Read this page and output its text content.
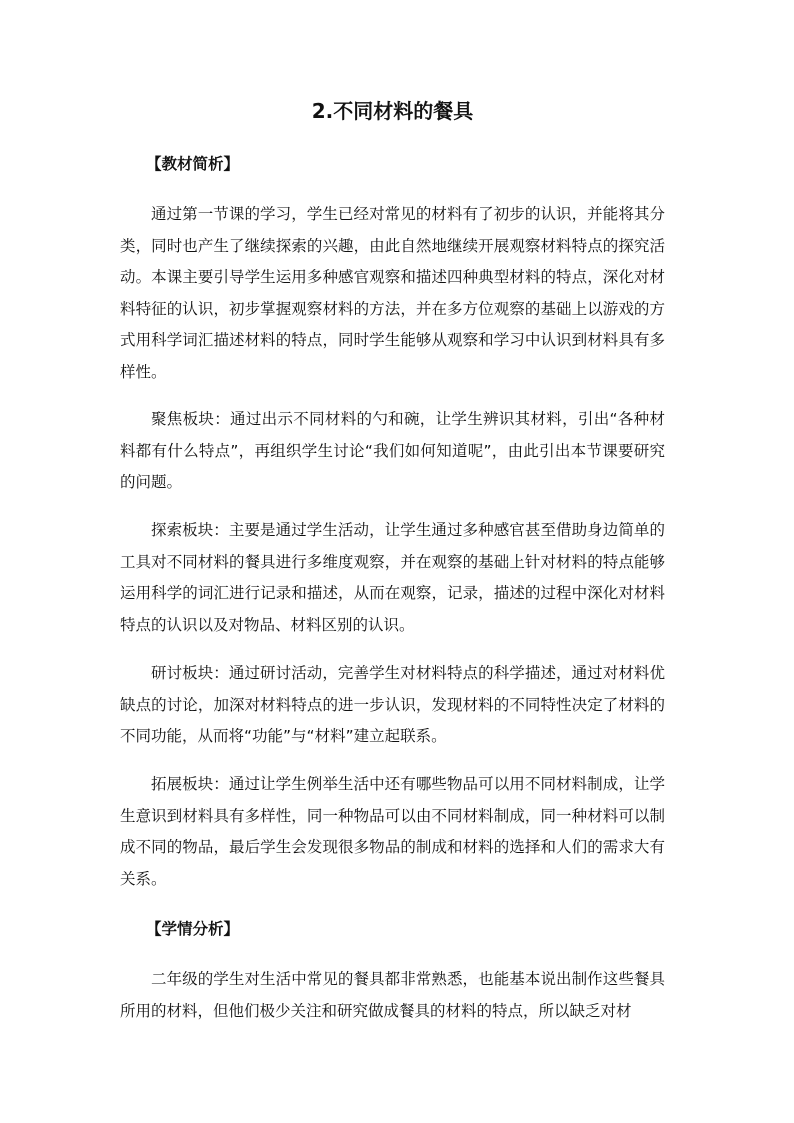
2.不同材料的餐具
【教材简析】

通过第一节课的学习，学生已经对常见的材料有了初步的认识，并能将其分类，同时也产生了继续探索的兴趣，由此自然地继续开展观察材料特点的探究活动。本课主要引导学生运用多种感官观察和描述四种典型材料的特点，深化对材料特征的认识，初步掌握观察材料的方法，并在多方位观察的基础上以游戏的方式用科学词汇描述材料的特点，同时学生能够从观察和学习中认识到材料具有多样性。

聚焦板块：通过出示不同材料的勺和碗，让学生辨识其材料，引出“各种材料都有什么特点”，再组织学生讨论“我们如何知道呢”，由此引出本节课要研究的问题。

探索板块：主要是通过学生活动，让学生通过多种感官甚至借助身边简单的工具对不同材料的餐具进行多维度观察，并在观察的基础上针对材料的特点能够运用科学的词汇进行记录和描述，从而在观察，记录，描述的过程中深化对材料特点的认识以及对物品、材料区别的认识。

研讨板块：通过研讨活动，完善学生对材料特点的科学描述，通过对材料优缺点的讨论，加深对材料特点的进一步认识，发现材料的不同特性决定了材料的不同功能，从而将“功能”与“材料”建立起联系。

拓展板块：通过让学生例举生活中还有哪些物品可以用不同材料制成，让学生意识到材料具有多样性，同一种物品可以由不同材料制成，同一种材料可以制成不同的物品，最后学生会发现很多物品的制成和材料的选择和人们的需求大有关系。

【学情分析】

二年级的学生对生活中常见的餐具都非常熟悉，也能基本说出制作这些餐具所用的材料，但他们极少关注和研究做成餐具的材料的特点，所以缺乏对材
